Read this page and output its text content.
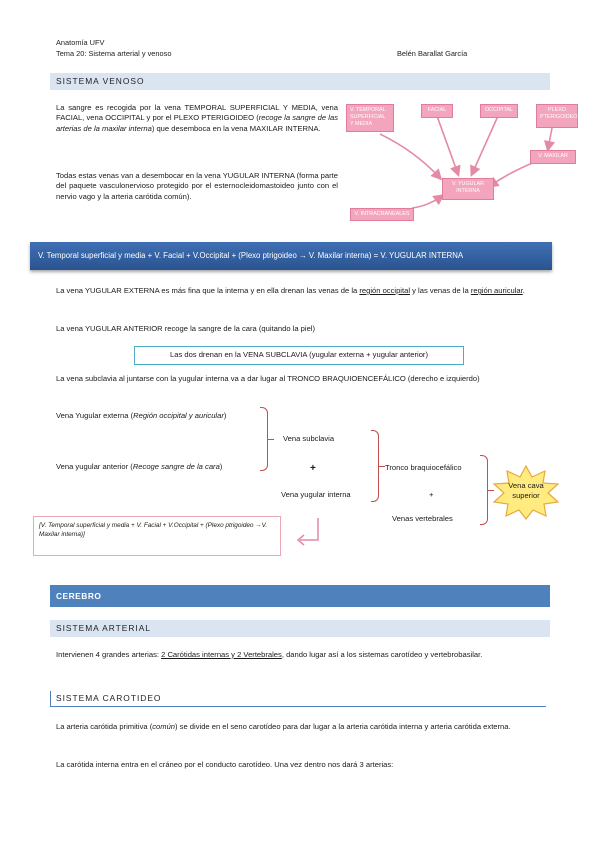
Anatomía UFV
Tema 20: Sistema arterial y venoso	Belén Barallat García
SISTEMA VENOSO
La sangre es recogida por la vena TEMPORAL SUPERFICIAL Y MEDIA, vena FACIAL, vena OCCIPITAL y por el PLEXO PTERIGOIDEO (recoge la sangre de las arterias de la maxilar interna) que desemboca en la vena MAXILAR INTERNA.
Todas estas venas van a desembocar en la vena YUGULAR INTERNA (forma parte del paquete vasculonervioso protegido por el esternocleidomastoideo junto con el nervio vago y la arteria carótida común).
V. TEMPORAL SUPERFICIAL Y MEDIA
FACIAL	OCCIPITAL	PLEXO PTERIGOIDEO
V. MAXILAR
V. YUGULAR INTERNA
V. INTRACRANEALES
V. Temporal superficial y media + V. Facial + V.Occipital + (Plexo ptrigoideo → V. Maxilar interna) = V. YUGULAR INTERNA
La vena YUGULAR EXTERNA es más fina que la interna y en ella drenan las venas de la región occipital y las venas de la región auricular.
La vena YUGULAR ANTERIOR recoge la sangre de la cara (quitando la piel)
Las dos drenan en la VENA SUBCLAVIA (yugular externa + yugular anterior)
La vena subclavia al juntarse con la yugular interna va a dar lugar al TRONCO BRAQUIOENCEFÁLICO (derecho e izquierdo)
Vena Yugular externa (Región occipital y auricular)
Vena yugular anterior (Recoge sangre de la cara)
Vena subclavia
+
Vena yugular interna
Tronco braquiocefálico
+
Venas vertebrales
Vena cava superior
[V. Temporal superficial y media + V. Facial + V.Occipital + (Plexo ptrigoideo →V. Maxilar interna)]
CEREBRO
SISTEMA ARTERIAL
Intervienen 4 grandes arterias: 2 Carótidas internas y 2 Vertebrales, dando lugar así a los sistemas carotídeo y vertebrobasilar.
SISTEMA CAROTIDEO
La arteria carótida primitiva (común) se divide en el seno carotídeo para dar lugar a la arteria carótida interna y arteria carótida externa.
La carótida interna entra en el cráneo por el conducto carotídeo. Una vez dentro nos dará 3 arterias:
